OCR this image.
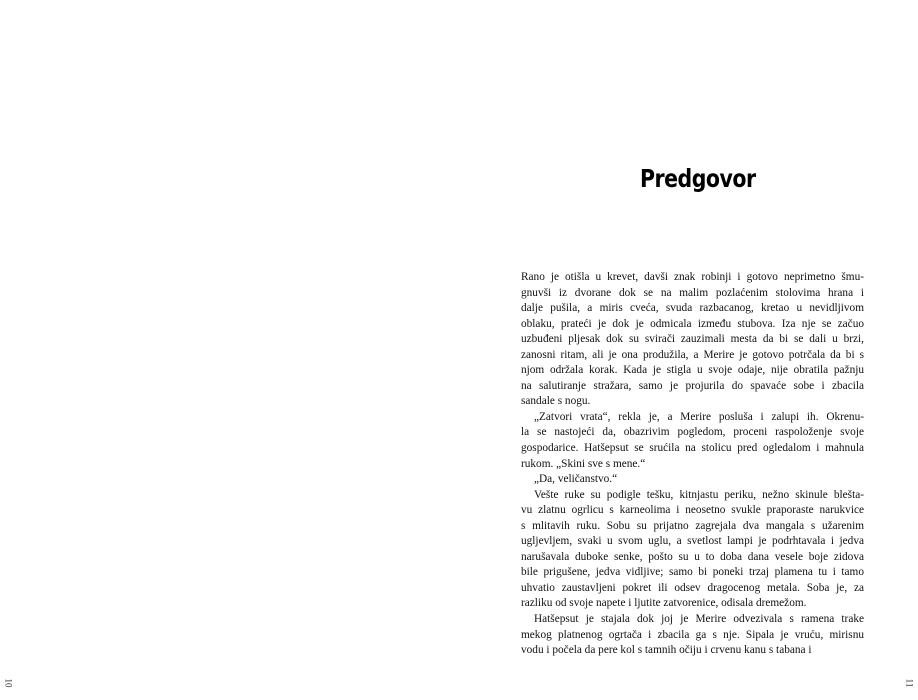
10	11
Predgovor
Rano je otišla u krevet, davši znak robinji i gotovo neprimetno šmu-
gnuvši iz dvorane dok se na malim pozlaćenim stolovima hrana i
dalje pušila, a miris cveća, svuda razbacanog, kretao u nevidljivom
oblaku, prateći je dok je odmicala između stubova. Iza nje se začuo
uzbuđeni pljesak dok su svirači zauzimali mesta da bi se dali u brzi,
zanosni ritam, ali je ona produžila, a Merire je gotovo potrčala da bi s
njom održala korak. Kada je stigla u svoje odaje, nije obratila pažnju
na salutiranje stražara, samo je projurila do spavaće sobe i zbacila
sandale s nogu.
„Zatvori vrata“, rekla je, a Merire posluša i zalupi ih. Okrenu-
la se nastojeći da, obazrivim pogledom, proceni raspoloženje svoje
gospodarice. Hatšepsut se srućila na stolicu pred ogledalom i mahnula
rukom. „Skini sve s mene.“
„Da, veličanstvo.“
Vešte ruke su podigle tešku, kitnjastu periku, nežno skinule blešta-
vu zlatnu ogrlicu s karneolima i neosetno svukle praporaste narukvice
s mlitavih ruku. Sobu su prijatno zagrejala dva mangala s užarenim
ugljevljem, svaki u svom uglu, a svetlost lampi je podrhtavala i jedva
narušavala duboke senke, pošto su u to doba dana vesele boje zidova
bile prigušene, jedva vidljive; samo bi poneki trzaj plamena tu i tamo
uhvatio zaustavljeni pokret ili odsev dragocenog metala. Soba je, za
razliku od svoje napete i ljutite zatvorenice, odisala dremežom.
Hatšepsut je stajala dok joj je Merire odvezivala s ramena trake
mekog platnenog ogrtača i zbacila ga s nje. Sipala je vruću, mirisnu
vodu i počela da pere kol s tamnih očiju i crvenu kanu s tabana i
